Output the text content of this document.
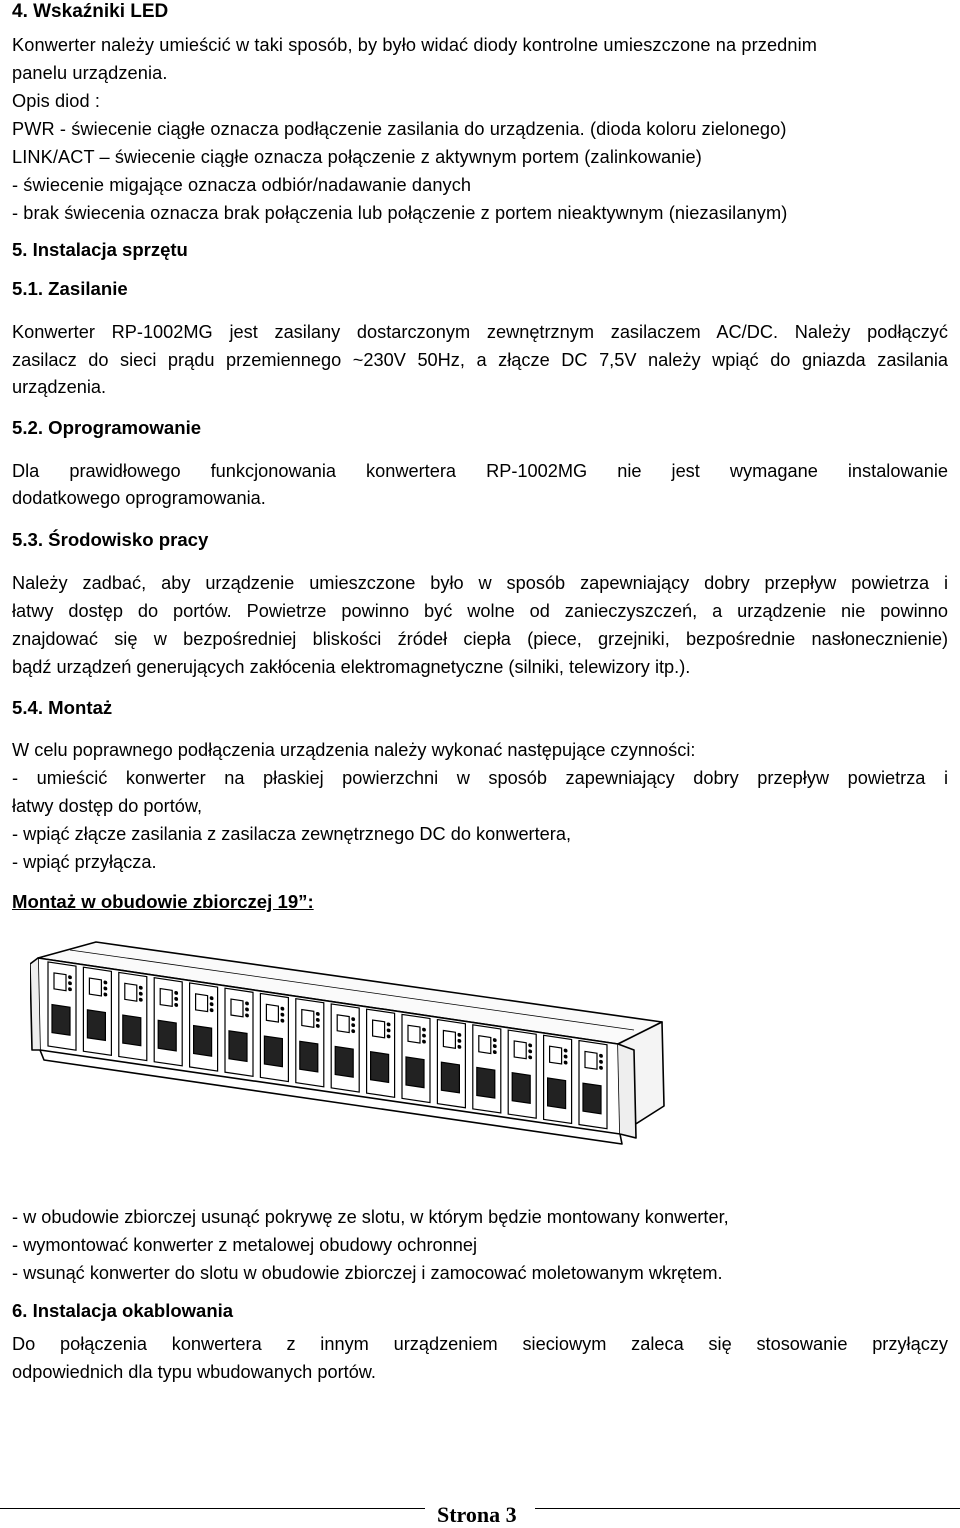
4. Wskaźniki LED

Konwerter należy umieścić w taki sposób, by było widać diody kontrolne umieszczone na przednim

panelu urządzenia.

Opis diod :

PWR - świecenie ciągłe oznacza podłączenie zasilania do urządzenia. (dioda koloru zielonego)

LINK/ACT – świecenie ciągłe oznacza połączenie z aktywnym portem (zalinkowanie)

- świecenie migające oznacza odbiór/nadawanie danych

- brak świecenia oznacza brak połączenia lub połączenie z portem nieaktywnym (niezasilanym)

5. Instalacja sprzętu
5.1. Zasilanie

Konwerter RP-1002MG jest zasilany dostarczonym zewnętrznym zasilaczem AC/DC. Należy podłączyć

zasilacz do sieci prądu przemiennego ~230V 50Hz, a złącze DC 7,5V należy wpiąć do gniazda zasilania

urządzenia.

5.2. Oprogramowanie

Dla prawidłowego funkcjonowania konwertera RP-1002MG nie jest wymagane instalowanie

dodatkowego oprogramowania.

5.3. Środowisko pracy

Należy zadbać, aby urządzenie umieszczone było w sposób zapewniający dobry przepływ powietrza i

łatwy dostęp do portów. Powietrze powinno być wolne od zanieczyszczeń, a urządzenie nie powinno

znajdować się w bezpośredniej bliskości źródeł ciepła (piece, grzejniki, bezpośrednie nasłonecznienie)

bądź urządzeń generujących zakłócenia elektromagnetyczne (silniki, telewizory itp.).

5.4. Montaż

W celu poprawnego podłączenia urządzenia należy wykonać następujące czynności:

- umieścić konwerter na płaskiej powierzchni w sposób zapewniający dobry przepływ powietrza i

łatwy dostęp do portów,

- wpiąć złącze zasilania z zasilacza zewnętrznego DC do konwertera,

- wpiąć przyłącza.

Montaż w obudowie zbiorczej 19”:

- w obudowie zbiorczej usunąć pokrywę ze slotu, w którym będzie montowany konwerter,

- wymontować konwerter z metalowej obudowy ochronnej

- wsunąć konwerter do slotu w obudowie zbiorczej i zamocować moletowanym wkrętem.

6. Instalacja okablowania

Do połączenia konwertera z innym urządzeniem sieciowym zaleca się stosowanie przyłączy

odpowiednich dla typu wbudowanych portów.

Strona 3
